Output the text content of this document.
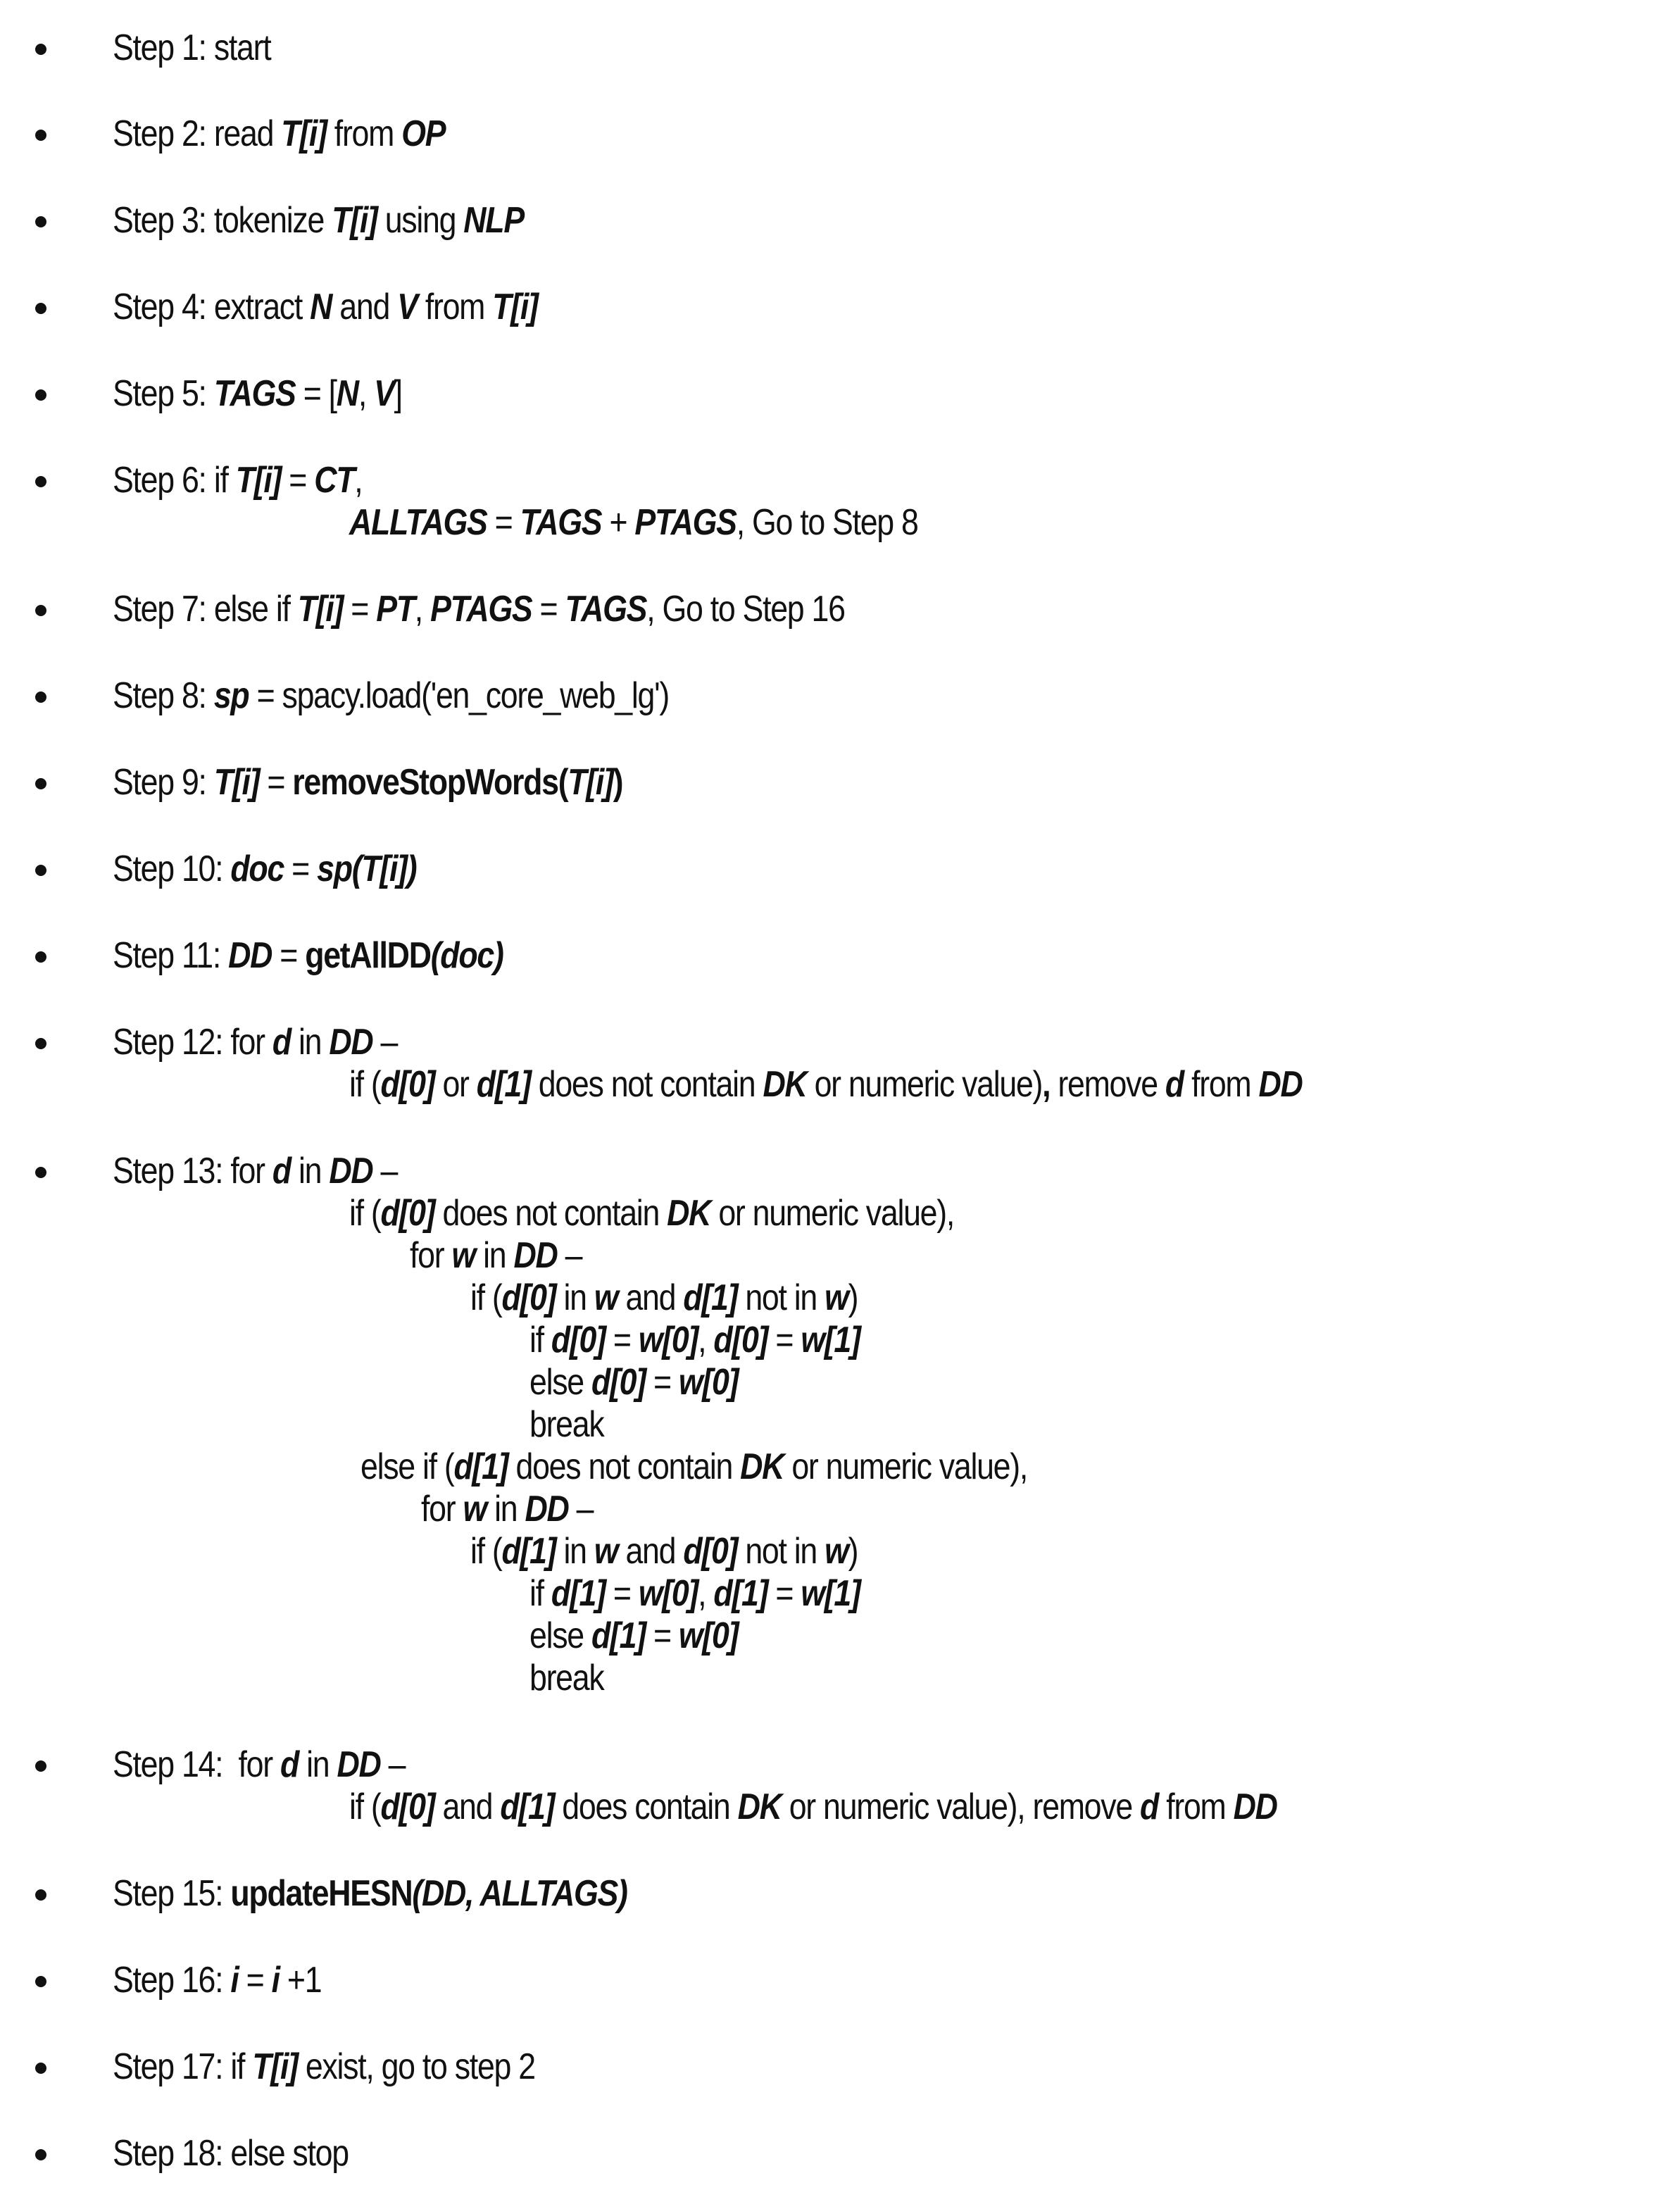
Step 1: start
Step 2: read T[i] from OP
Step 3: tokenize T[i] using NLP
Step 4: extract N and V from T[i]
Step 5: TAGS = [N, V]
Step 6: if T[i] = CT,
ALLTAGS = TAGS + PTAGS, Go to Step 8
Step 7: else if T[i] = PT, PTAGS = TAGS, Go to Step 16
Step 8: sp = spacy.load('en_core_web_lg')
Step 9: T[i] = removeStopWords(T[i])
Step 10: doc = sp(T[i])
Step 11: DD = getAllDD(doc)
Step 12: for d in DD –
if (d[0] or d[1] does not contain DK or numeric value), remove d from DD
Step 13: for d in DD –
if (d[0] does not contain DK or numeric value),
for w in DD –
if (d[0] in w and d[1] not in w)
if d[0] = w[0], d[0] = w[1]
else d[0] = w[0]
break
else if (d[1] does not contain DK or numeric value),
for w in DD –
if (d[1] in w and d[0] not in w)
if d[1] = w[0], d[1] = w[1]
else d[1] = w[0]
break
Step 14:  for d in DD –
if (d[0] and d[1] does contain DK or numeric value), remove d from DD
Step 15: updateHESN(DD, ALLTAGS)
Step 16: i = i +1
Step 17: if T[i] exist, go to step 2
Step 18: else stop
